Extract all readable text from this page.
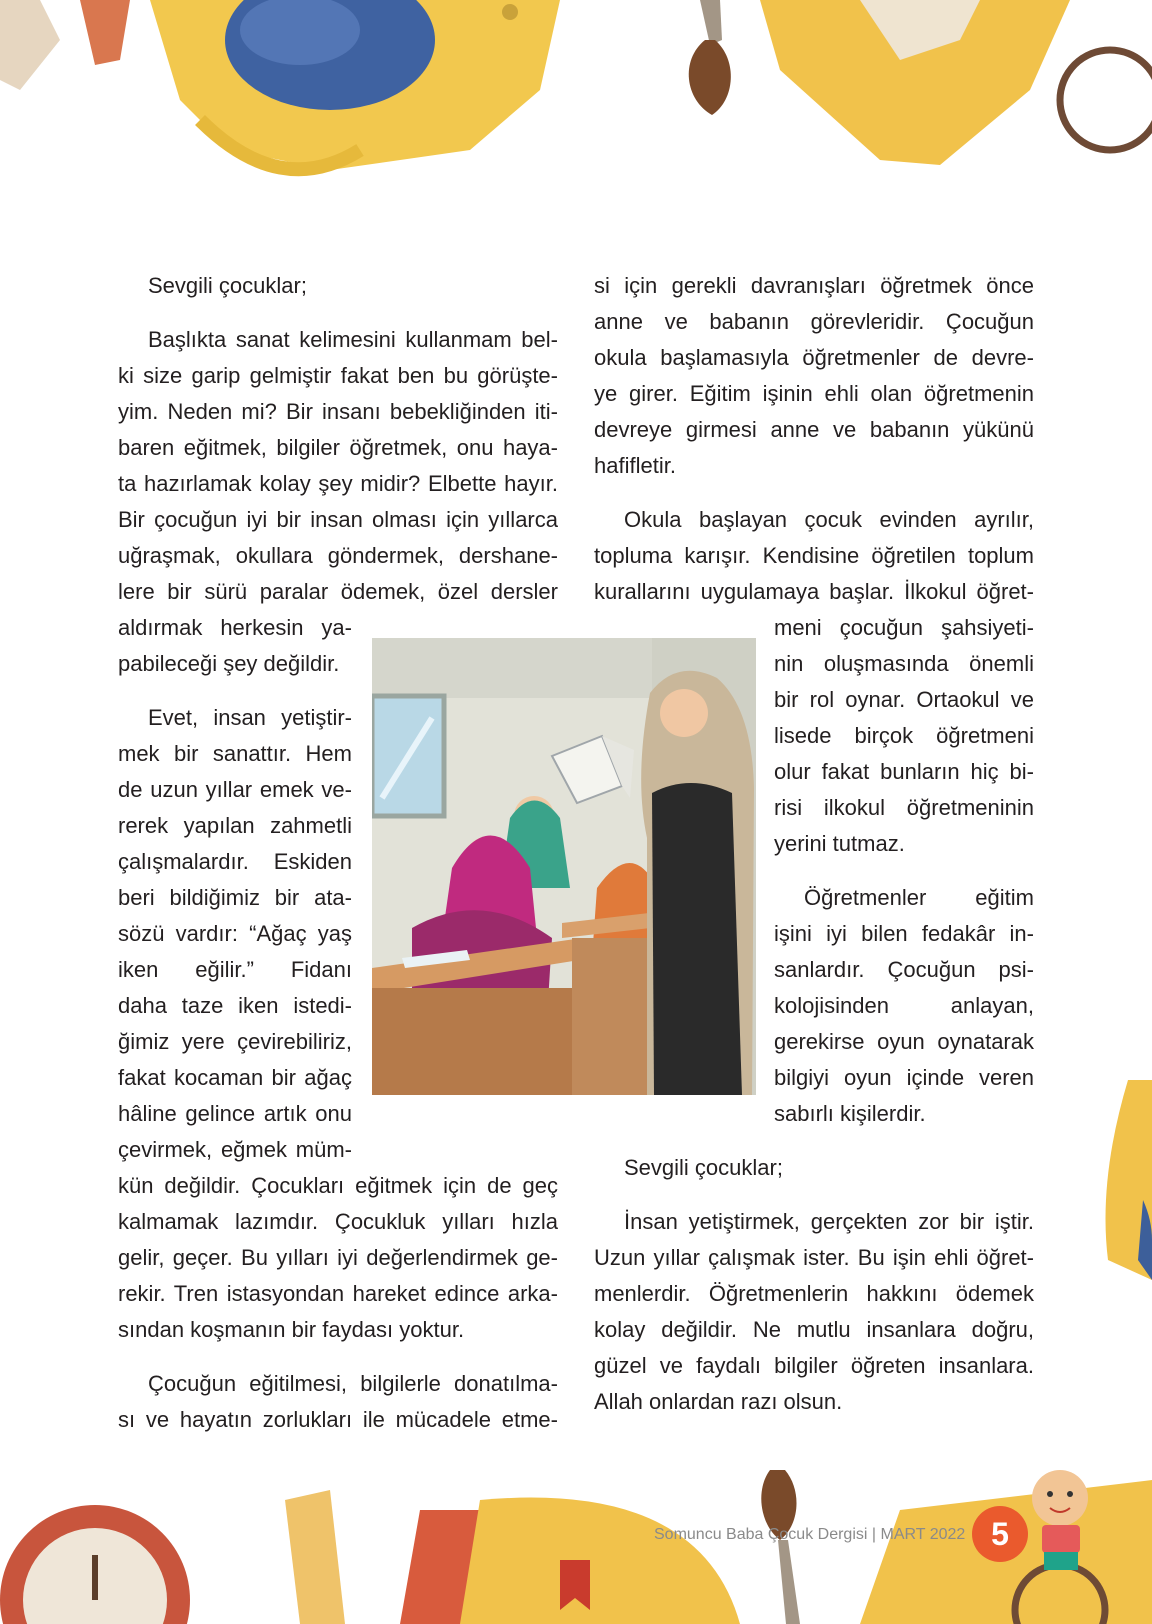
Sevgili çocuklar;
Başlıkta sanat kelimesini kullanmam bel-
ki size garip gelmiştir fakat ben bu görüşte-
yim. Neden mi? Bir insanı bebekliğinden iti-
baren eğitmek, bilgiler öğretmek, onu haya-
ta hazırlamak kolay şey midir? Elbette hayır.
Bir çocuğun iyi bir insan olması için yıllarca
uğraşmak, okullara göndermek, dershane-
lere bir sürü paralar ödemek, özel dersler
aldırmak herkesin ya-
pabileceği şey değildir.
Evet, insan yetiştir-
mek bir sanattır. Hem
de uzun yıllar emek ve-
rerek yapılan zahmetli
çalışmalardır. Eskiden
beri bildiğimiz bir ata-
sözü vardır: “Ağaç yaş
iken eğilir.” Fidanı
daha taze iken istedi-
ğimiz yere çevirebiliriz,
fakat kocaman bir ağaç
hâline gelince artık onu
çevirmek, eğmek müm-
kün değildir. Çocukları eğitmek için de geç
kalmamak lazımdır. Çocukluk yılları hızla
gelir, geçer. Bu yılları iyi değerlendirmek ge-
rekir. Tren istasyondan hareket edince arka-
sından koşmanın bir faydası yoktur.
Çocuğun eğitilmesi, bilgilerle donatılma-
sı ve hayatın zorlukları ile mücadele etme-
si için gerekli davranışları öğretmek önce
anne ve babanın görevleridir. Çocuğun
okula başlamasıyla öğretmenler de devre-
ye girer. Eğitim işinin ehli olan öğretmenin
devreye girmesi anne ve babanın yükünü
hafifletir.
Okula başlayan çocuk evinden ayrılır,
topluma karışır. Kendisine öğretilen toplum
kurallarını uygulamaya başlar. İlkokul öğret-
meni çocuğun şahsiyeti-
nin oluşmasında önemli
bir rol oynar. Ortaokul ve
lisede birçok öğretmeni
olur fakat bunların hiç bi-
risi ilkokul öğretmeninin
yerini tutmaz.
Öğretmenler eğitim
işini iyi bilen fedakâr in-
sanlardır. Çocuğun psi-
kolojisinden anlayan,
gerekirse oyun oynatarak
bilgiyi oyun içinde veren
sabırlı kişilerdir.
Sevgili çocuklar;
İnsan yetiştirmek, gerçekten zor bir iştir.
Uzun yıllar çalışmak ister. Bu işin ehli öğret-
menlerdir. Öğretmenlerin hakkını ödemek
kolay değildir. Ne mutlu insanlara doğru,
güzel ve faydalı bilgiler öğreten insanlara.
Allah onlardan razı olsun.
Somuncu Baba Çocuk Dergisi | MART 2022 5
